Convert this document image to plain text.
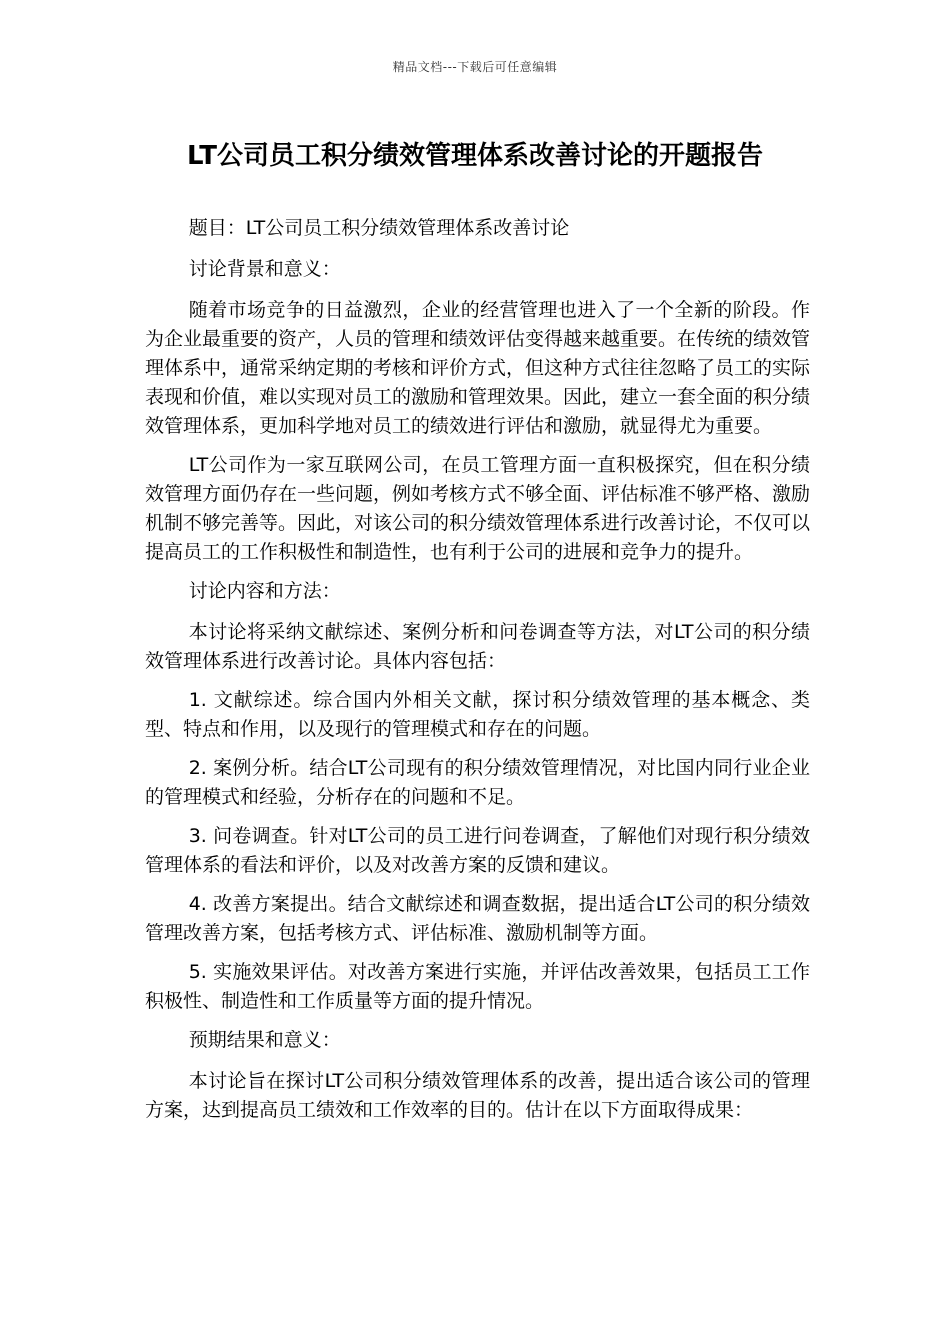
精品文档---下载后可任意编辑
LT公司员工积分绩效管理体系改善讨论的开题报告

题目：LT公司员工积分绩效管理体系改善讨论

讨论背景和意义：

随着市场竞争的日益激烈，企业的经营管理也进入了一个全新的阶段。作为企业最重要的资产，人员的管理和绩效评估变得越来越重要。在传统的绩效管理体系中，通常采纳定期的考核和评价方式，但这种方式往往忽略了员工的实际表现和价值，难以实现对员工的激励和管理效果。因此，建立一套全面的积分绩效管理体系，更加科学地对员工的绩效进行评估和激励，就显得尤为重要。

LT公司作为一家互联网公司，在员工管理方面一直积极探究，但在积分绩效管理方面仍存在一些问题，例如考核方式不够全面、评估标准不够严格、激励机制不够完善等。因此，对该公司的积分绩效管理体系进行改善讨论，不仅可以提高员工的工作积极性和制造性，也有利于公司的进展和竞争力的提升。

讨论内容和方法：

本讨论将采纳文献综述、案例分析和问卷调查等方法，对LT公司的积分绩效管理体系进行改善讨论。具体内容包括：

1. 文献综述。综合国内外相关文献，探讨积分绩效管理的基本概念、类型、特点和作用，以及现行的管理模式和存在的问题。

2. 案例分析。结合LT公司现有的积分绩效管理情况，对比国内同行业企业的管理模式和经验，分析存在的问题和不足。

3. 问卷调查。针对LT公司的员工进行问卷调查，了解他们对现行积分绩效管理体系的看法和评价，以及对改善方案的反馈和建议。

4. 改善方案提出。结合文献综述和调查数据，提出适合LT公司的积分绩效管理改善方案，包括考核方式、评估标准、激励机制等方面。

5. 实施效果评估。对改善方案进行实施，并评估改善效果，包括员工工作积极性、制造性和工作质量等方面的提升情况。

预期结果和意义：

本讨论旨在探讨LT公司积分绩效管理体系的改善，提出适合该公司的管理方案，达到提高员工绩效和工作效率的目的。估计在以下方面取得成果：
